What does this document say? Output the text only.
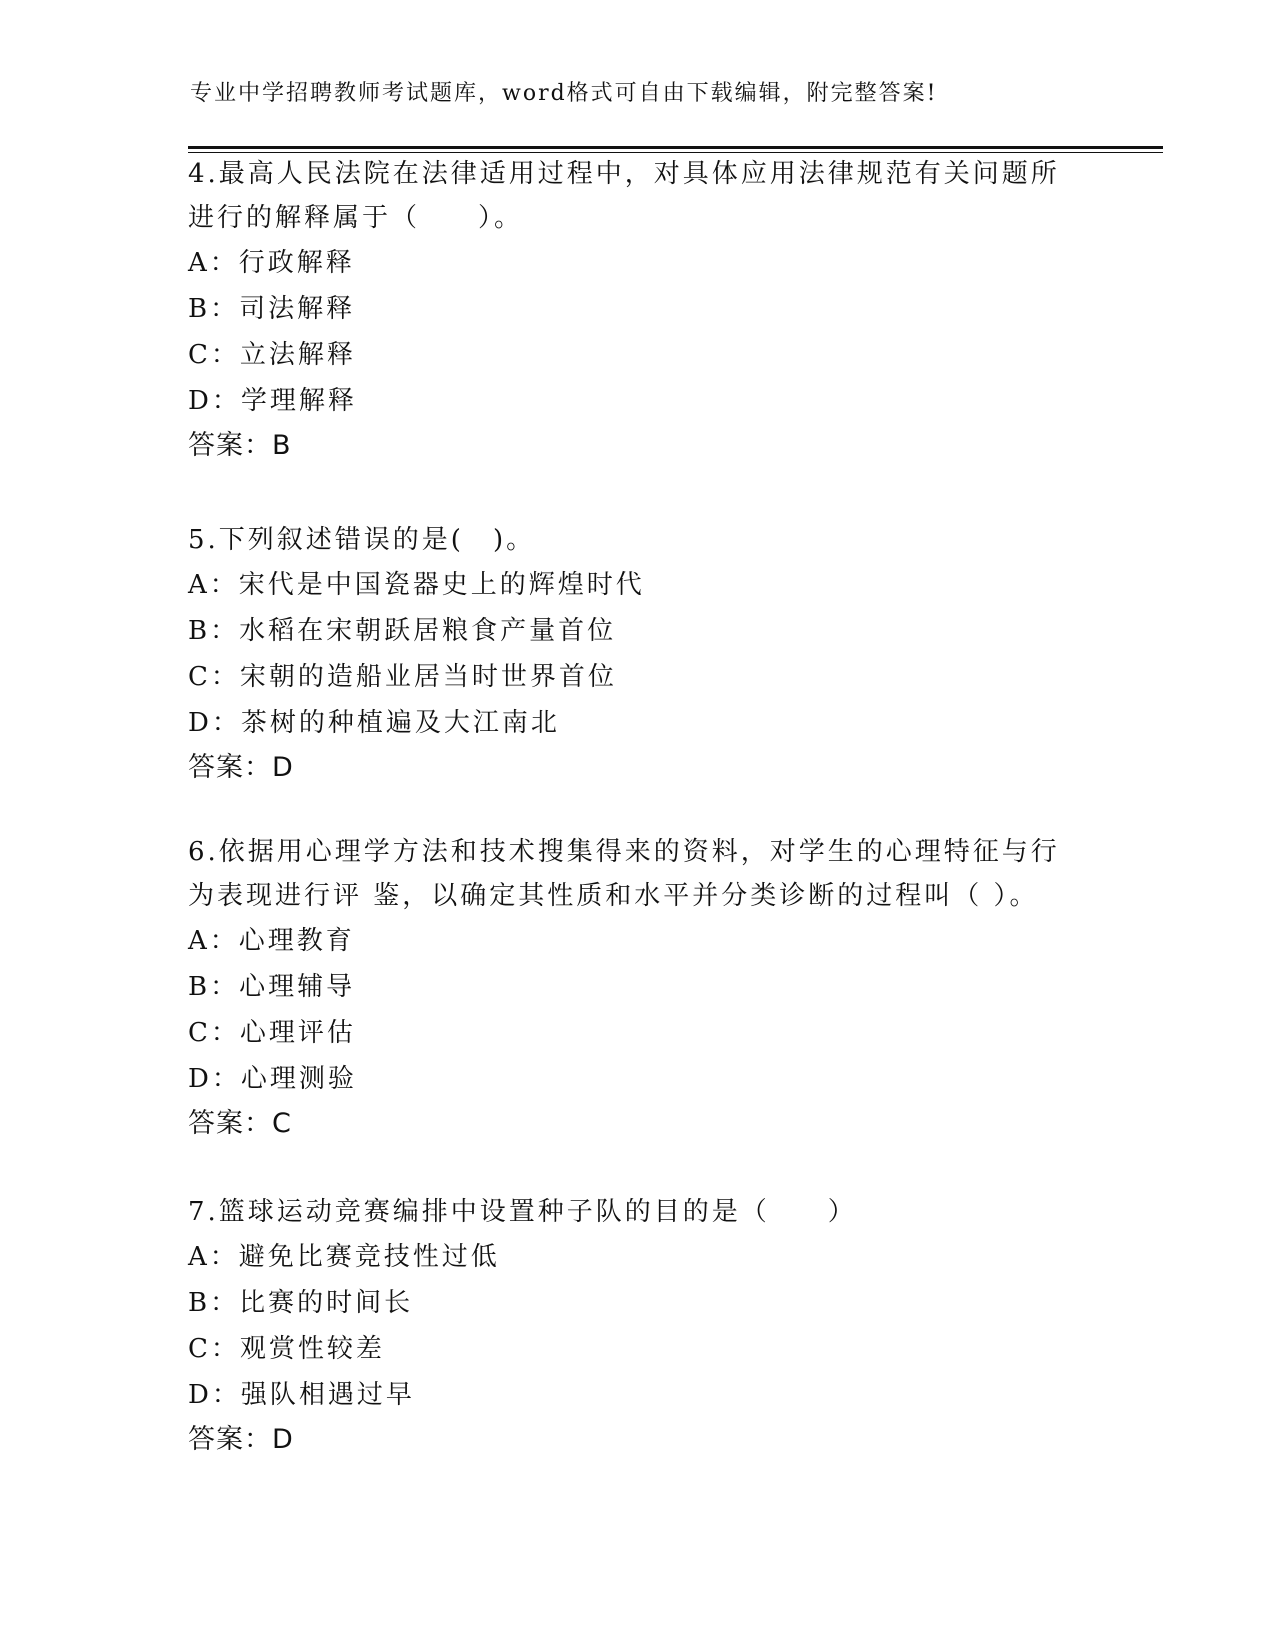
专业中学招聘教师考试题库，word格式可自由下载编辑，附完整答案!

4.最高人民法院在法律适用过程中，对具体应用法律规范有关问题所进行的解释属于（　　）。

A：行政解释

B：司法解释

C：立法解释

D：学理解释

答案：B

5.下列叙述错误的是(　)。

A：宋代是中国瓷器史上的辉煌时代

B：水稻在宋朝跃居粮食产量首位

C：宋朝的造船业居当时世界首位

D：茶树的种植遍及大江南北

答案：D

6.依据用心理学方法和技术搜集得来的资料，对学生的心理特征与行为表现进行评 鉴，以确定其性质和水平并分类诊断的过程叫（ ）。

A：心理教育

B：心理辅导

C：心理评估

D：心理测验

答案：C

7.篮球运动竞赛编排中设置种子队的目的是（　　）

A：避免比赛竞技性过低

B：比赛的时间长

C：观赏性较差

D：强队相遇过早

答案：D
